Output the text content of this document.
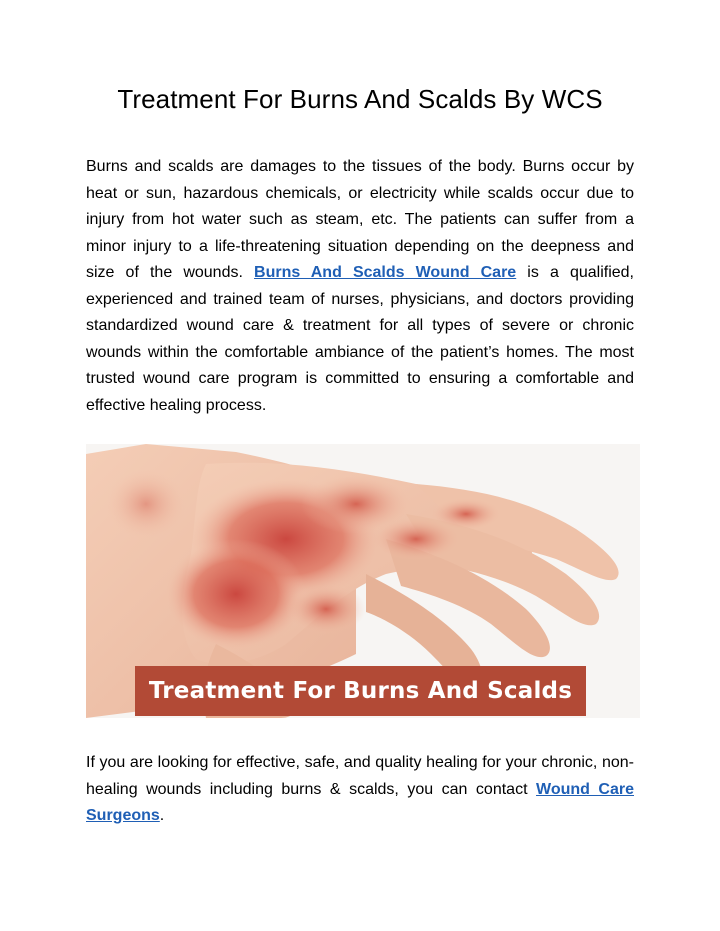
Treatment For Burns And Scalds By WCS

Burns and scalds are damages to the tissues of the body. Burns occur by heat or sun, hazardous chemicals, or electricity while scalds occur due to injury from hot water such as steam, etc. The patients can suffer from a minor injury to a life-threatening situation depending on the deepness and size of the wounds. Burns And Scalds Wound Care is a qualified, experienced and trained team of nurses, physicians, and doctors providing standardized wound care & treatment for all types of severe or chronic wounds within the comfortable ambiance of the patient’s homes. The most trusted wound care program is committed to ensuring a comfortable and effective healing process.

Treatment For Burns And Scalds

If you are looking for effective, safe, and quality healing for your chronic, non-healing wounds including burns & scalds, you can contact Wound Care Surgeons.
